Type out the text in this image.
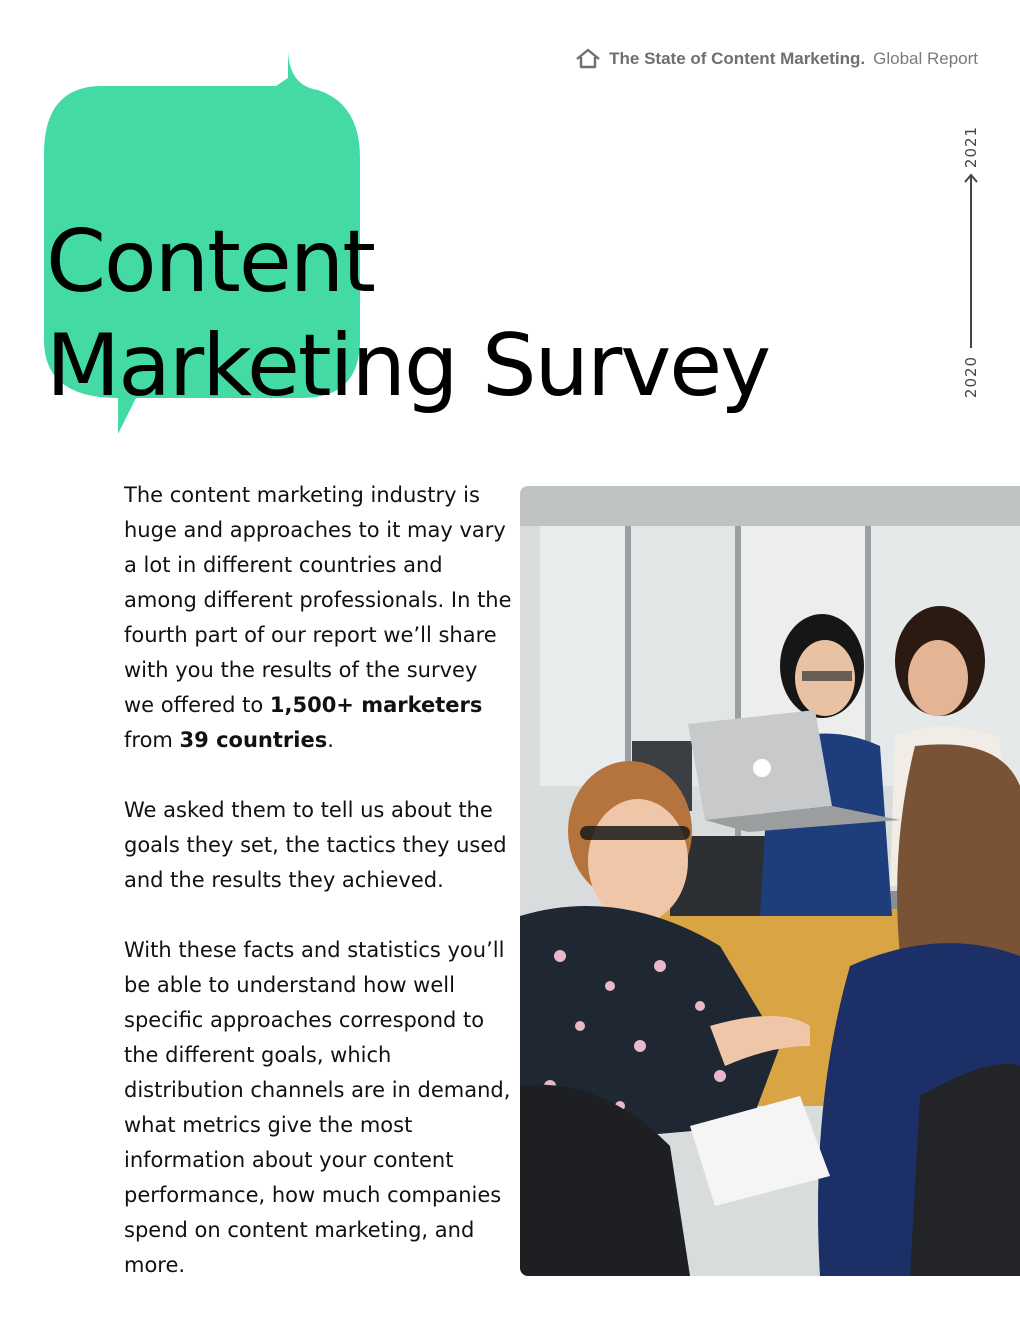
The State of Content Marketing. Global Report
Content
Marketing Survey
2021
2020

The content marketing industry is huge and approaches to it may vary a lot in different countries and among different professionals. In the fourth part of our report we’ll share with you the results of the survey we offered to 1,500+ marketers from 39 countries.

We asked them to tell us about the goals they set, the tactics they used and the results they achieved.

With these facts and statistics you’ll be able to understand how well specific approaches correspond to the different goals, which distribution channels are in demand, what metrics give the most information about your content performance, how much companies spend on content marketing, and more.
